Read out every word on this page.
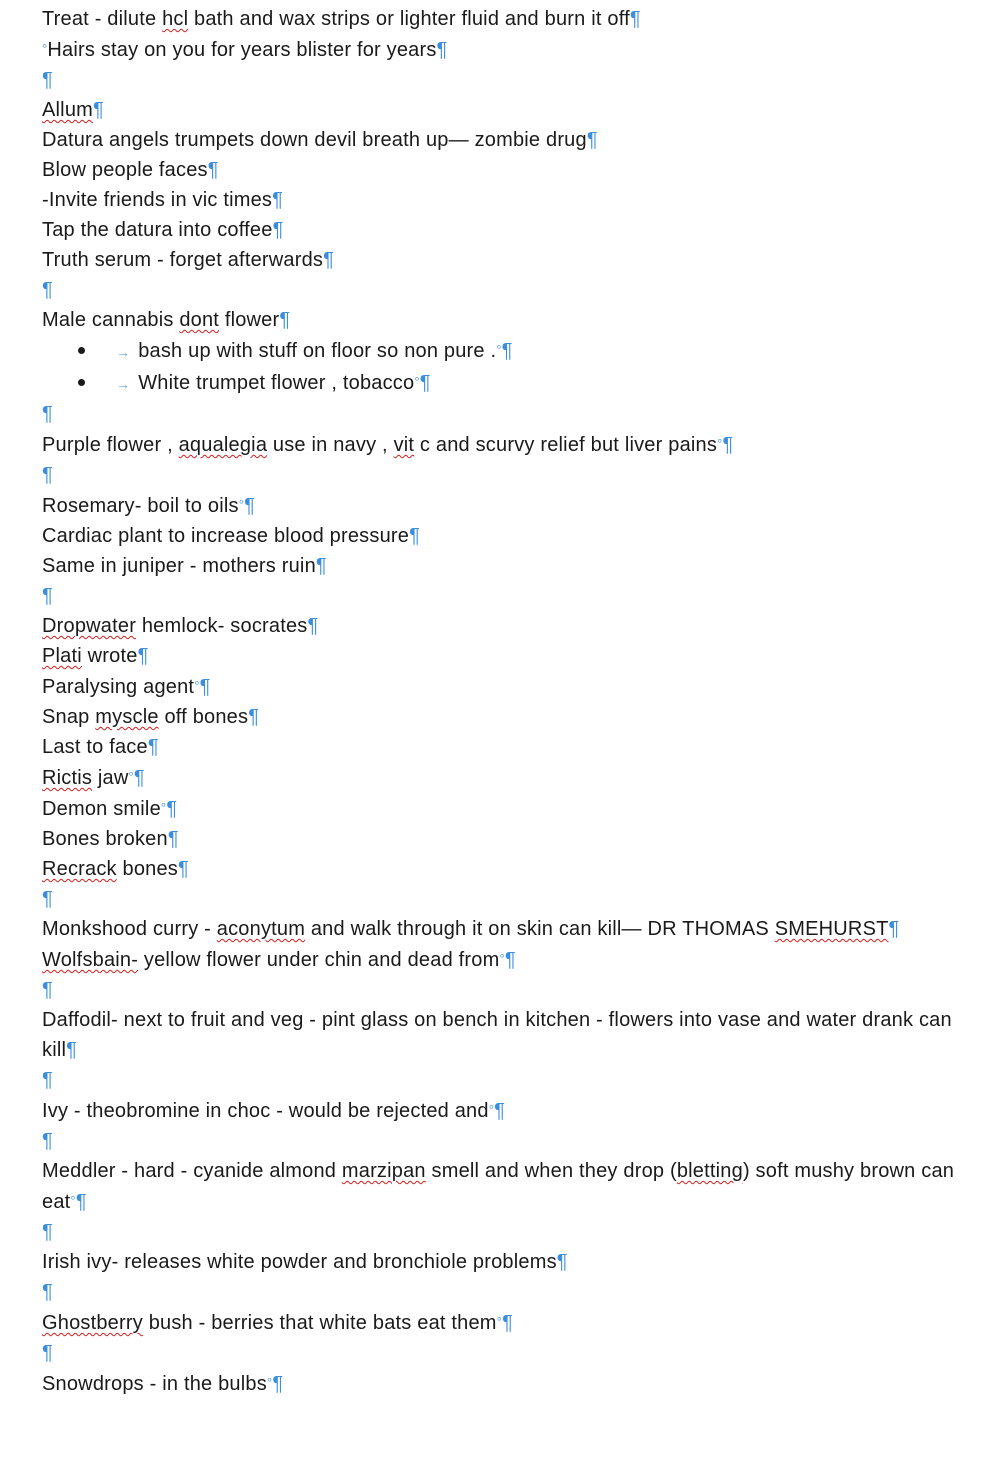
Treat - dilute hcl bath and wax strips or lighter fluid and burn it off¶
°Hairs stay on you for years blister for years¶
¶
Allum¶
Datura angels trumpets down devil breath up— zombie drug¶
Blow people faces¶
-Invite friends in vic times¶
Tap the datura into coffee¶
Truth serum - forget afterwards¶
¶
Male cannabis dont flower¶
→ bash up with stuff on floor so non pure .°¶
→ White trumpet flower , tobacco°¶
¶
Purple flower , aqualegia use in navy , vit c and scurvy relief but liver pains°¶
¶
Rosemary- boil to oils°¶
Cardiac plant to increase blood pressure¶
Same in juniper - mothers ruin¶
¶
Dropwater hemlock- socrates¶
Plati wrote¶
Paralysing agent°¶
Snap myscle off bones¶
Last to face¶
Rictis jaw°¶
Demon smile°¶
Bones broken¶
Recrack bones¶
¶
Monkshood curry - aconytum and walk through it on skin can kill— DR THOMAS SMEHURST¶
Wolfsbain- yellow flower under chin and dead from°¶
¶
Daffodil- next to fruit and veg - pint glass on bench in kitchen - flowers into vase and water drank can kill¶
¶
Ivy - theobromine in choc - would be rejected and°¶
¶
Meddler - hard - cyanide almond marzipan smell and when they drop (bletting) soft mushy brown can eat°¶
¶
Irish ivy- releases white powder and bronchiole problems¶
¶
Ghostberry bush - berries that white bats eat them°¶
¶
Snowdrops - in the bulbs°¶
